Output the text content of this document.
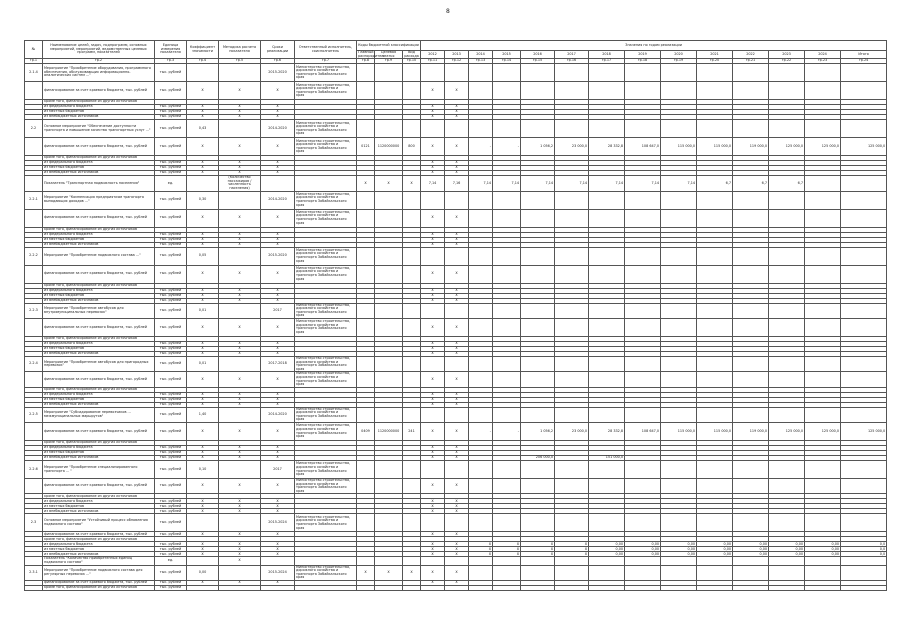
8
№	Наименование целей, задач, подпрограмм, основных мероприятий, мероприятий, ведомственных целевых программ, показателей	Единица измерения показателя	Коэффициент значимости	Методика расчета показателя	Сроки реализации	Ответственный исполнитель, соисполнитель	Коды бюджетной классификации			Значения по годам реализации													
							Главный распорядитель	Целевая статья	Вид расхода	2012	2013	2014	2015	2016	2017	2018	2019	2020	2021	2022	2023	2024	Итого
гр.1	гр.2	гр.3	гр.4	гр.5	гр.6	гр.7	гр.8	гр.9	гр.10	гр.11	гр.12	гр.13	гр.14	гр.15	гр.16	гр.17	гр.18	гр.19	гр.20	гр.21	гр.22	гр.23	гр.24
2.1.4	Мероприятие "Приобретение оборудования, программного обеспечения, обслуживающих информационно-аналитических систем ..."	тыс. рублей			2015-2020	Министерство строительства, дорожного хозяйства и транспорта Забайкальского края																	
	финансирование за счет краевого бюджета, тыс. рублей	тыс. рублей	Х	Х	Х	Министерство строительства, дорожного хозяйства и транспорта Забайкальского края				Х	Х												
	кроме того, финансирование из других источников																						
	из федерального бюджета	тыс. рублей	Х	Х	Х					Х	Х												
	из местных бюджетов	тыс. рублей	Х	Х	Х					Х	Х												
	из внебюджетных источников	тыс. рублей	Х	Х	Х					Х	Х												
2.2	Основное мероприятие "Обеспечение доступности транспорта и повышение качества транспортных услуг ..."	тыс. рублей	0,43		2014-2020	Министерство строительства, дорожного хозяйства и транспорта Забайкальского края																	
	финансирование за счет краевого бюджета, тыс. рублей	тыс. рублей	Х	Х	Х	Министерство строительства, дорожного хозяйства и транспорта Забайкальского края	0121	1120000000	800	Х	Х	-	-	1 056,2	23 000,0	28 332,8	108 647,0	115 000,0	115 000,0	119 000,0	125 000,0	125 000,0	125 000,0
	кроме того, финансирование из других источников																						
	из федерального бюджета	тыс. рублей	Х	Х	Х					Х	Х												
	из местных бюджетов	тыс. рублей	Х	Х	Х					Х	Х												
	из внебюджетных источников	тыс. рублей	Х	Х	Х					Х	Х												
	Показатель "Транспортная подвижность населения"	ед.		(Количество пассажиров / численность населения)			Х	Х	Х	7,14	7,16	7,14	7,14	7,14	7,14	7,14	7,14	7,14	6,7	6,7	6,7		
2.2.1	Мероприятие "Компенсация предприятиям транспорта выпадающих доходов ..."	тыс. рублей	0,30		2014-2020	Министерство строительства, дорожного хозяйства и транспорта Забайкальского края																	
	финансирование за счет краевого бюджета, тыс. рублей	тыс. рублей	Х	Х	Х	Министерство строительства, дорожного хозяйства и транспорта Забайкальского края				Х	Х												
	кроме того, финансирование из других источников																						
	из федерального бюджета	тыс. рублей	Х	Х	Х					Х	Х												
	из местных бюджетов	тыс. рублей	Х	Х	Х					Х	Х												
	из внебюджетных источников	тыс. рублей	Х	Х	Х					Х	Х												
2.2.2	Мероприятие "Приобретение подвижного состава ..."	тыс. рублей	0,05		2015-2020	Министерство строительства, дорожного хозяйства и транспорта Забайкальского края																	
	финансирование за счет краевого бюджета, тыс. рублей	тыс. рублей	Х	Х	Х	Министерство строительства, дорожного хозяйства и транспорта Забайкальского края				Х	Х												
	кроме того, финансирование из других источников																						
	из федерального бюджета	тыс. рублей	Х	Х	Х					Х	Х												
	из местных бюджетов	тыс. рублей	Х	Х	Х					Х	Х												
	из внебюджетных источников	тыс. рублей	Х	Х	Х					Х	Х												
2.2.3	Мероприятие "Приобретение автобусов для внутримуниципальных перевозок"	тыс. рублей	0,01		2017	Министерство строительства, дорожного хозяйства и транспорта Забайкальского края																	
	финансирование за счет краевого бюджета, тыс. рублей	тыс. рублей	Х	Х	Х	Министерство строительства, дорожного хозяйства и транспорта Забайкальского края				Х	Х												
	кроме того, финансирование из других источников																						
	из федерального бюджета	тыс. рублей	Х	Х	Х					Х	Х												
	из местных бюджетов	тыс. рублей	Х	Х	Х					Х	Х												
	из внебюджетных источников	тыс. рублей	Х	Х	Х					Х	Х												
2.2.4	Мероприятие "Приобретение автобусов для пригородных перевозок"	тыс. рублей	0,01		2017-2018	Министерство строительства, дорожного хозяйства и транспорта Забайкальского края																	
	финансирование за счет краевого бюджета, тыс. рублей	тыс. рублей	Х	Х	Х	Министерство строительства, дорожного хозяйства и транспорта Забайкальского края				Х	Х												
	кроме того, финансирование из других источников																						
	из федерального бюджета	тыс. рублей	Х	Х	Х					Х	Х												
	из местных бюджетов	тыс. рублей	Х	Х	Х					Х	Х												
	из внебюджетных источников	тыс. рублей	Х	Х	Х					Х	Х												
2.2.5	Мероприятие "Субсидирование перевозчиков ... межмуниципальных маршрутов"	тыс. рублей	1,40		2014-2020	Министерство строительства, дорожного хозяйства и транспорта Забайкальского края																	
	финансирование за счет краевого бюджета, тыс. рублей	тыс. рублей	Х	Х	Х	Министерство строительства, дорожного хозяйства и транспорта Забайкальского края	0409	1120000000	241	Х	Х	-	-	1 056,2	23 000,0	28 332,8	108 647,0	115 000,0	115 000,0	119 000,0	125 000,0	125 000,0	125 000,0
	кроме того, финансирование из других источников																						
	из федерального бюджета	тыс. рублей	Х	Х	Х					Х	Х												
	из местных бюджетов	тыс. рублей	Х	Х	Х					Х	Х												
	из внебюджетных источников	тыс. рублей	Х	Х	Х					Х	Х			206 000,0		151 000,0							
2.2.6	Мероприятие "Приобретение специализированного транспорта ... "	тыс. рублей	0,10		2017	Министерство строительства, дорожного хозяйства и транспорта Забайкальского края																	
	финансирование за счет краевого бюджета, тыс. рублей	тыс. рублей	Х	Х	Х	Министерство строительства, дорожного хозяйства и транспорта Забайкальского края				Х	Х												
	кроме того, финансирование из других источников																						
	из федерального бюджета	тыс. рублей	Х	Х	Х					Х	Х												
	из местных бюджетов	тыс. рублей	Х	Х	Х					Х	Х												
	из внебюджетных источников	тыс. рублей	Х	Х	Х					Х	Х												
2.3	Основное мероприятие "Устойчивый процесс обновления подвижного состава"	тыс. рублей			2015-2024	Министерство строительства, дорожного хозяйства и транспорта Забайкальского края																	
	финансирование за счет краевого бюджета, тыс. рублей	тыс. рублей	Х	Х	Х					Х	Х												
	кроме того, финансирование из других источников																						
	из федерального бюджета	тыс. рублей	Х	Х	Х					Х	Х	Х	Х	Х	Х	0,00	0,00	0,00	0,00	0,00	0,00	0,00	0,0
	из местных бюджетов	тыс. рублей	Х	Х	Х					Х	Х	Х	Х	Х	Х	0,00	0,00	0,00	0,00	0,00	0,00	0,00	0,0
	из внебюджетных источников	тыс. рублей	Х	Х	Х					Х	Х	Х	Х	Х	Х	0,00	0,00	0,00	0,00	0,00	0,00	0,00	0,0
	Показатель "Количество приобретенных единиц подвижного состава"	ед.		Х																			
2.3.1	Мероприятие "Приобретение подвижного состава для регулярных перевозок ..."	тыс. рублей	0,00		2015-2024	Министерство строительства, дорожного хозяйства и транспорта Забайкальского края	Х	Х	Х	Х	Х												
	финансирование за счет краевого бюджета, тыс. рублей	тыс. рублей	Х	Х	Х					Х	Х												
	кроме того, финансирование из других источников	тыс. рублей																					
